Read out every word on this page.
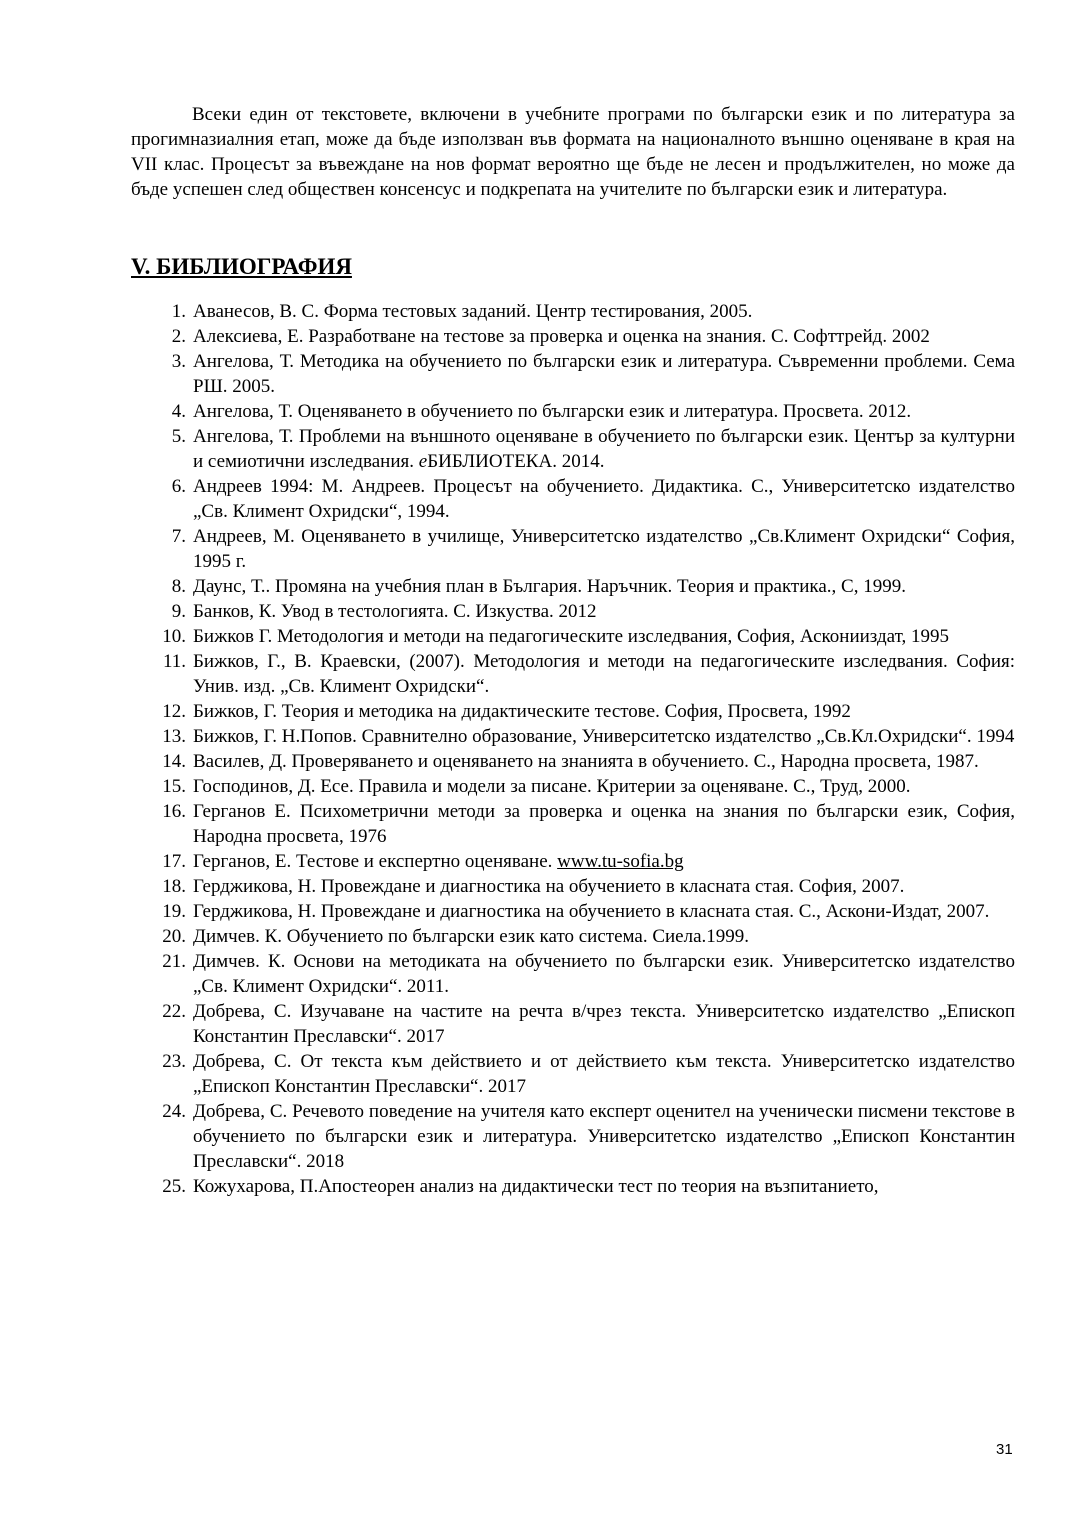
Всеки един от текстовете, включени в учебните програми по български език и по литература за прогимназиалния етап, може да бъде използван във формата на националното външно оценяване в края на VII клас. Процесът за въвеждане на нов формат вероятно ще бъде не лесен и продължителен, но може да бъде успешен след обществен консенсус и подкрепата на учителите по български език и литература.

V. БИБЛИОГРАФИЯ
1. Аванесов, В. С. Форма тестовых заданий. Центр тестирования, 2005.
2. Алексиева, Е. Разработване на тестове за проверка и оценка на знания. С. Софттрейд. 2002
3. Ангелова, Т. Методика на обучението по български език и литература. Съвременни проблеми. Сема РШ. 2005.
4. Ангелова, Т. Оценяването в обучението по български език и литература. Просвета. 2012.
5. Ангелова, Т. Проблеми на външното оценяване в обучението по български език. Център за културни и семиотични изследвания. еБИБЛИОТЕКА. 2014.
6. Андреев 1994: М. Андреев. Процесът на обучението. Дидактика. С., Университетско издателство „Св. Климент Охридски“, 1994.
7. Андреев, М. Оценяването в училище, Университетско издателство „Св.Климент Охридски“ София, 1995 г.
8. Даунс, Т.. Промяна на учебния план в България. Наръчник. Теория и практика., С, 1999.
9. Банков, К. Увод в тестологията. С. Изкуства. 2012
10. Бижков Г. Методология и методи на педагогическите изследвания, София, Асконииздат, 1995
11. Бижков, Г., В. Краевски, (2007). Методология и методи на педагогическите изследвания. София: Унив. изд. „Св. Климент Охридски“.
12. Бижков, Г. Теория и методика на дидактическите тестове. София, Просвета, 1992
13. Бижков, Г. Н.Попов. Сравнително образование, Университетско издателство „Св.Кл.Охридски“. 1994
14. Василев, Д. Проверяването и оценяването на знанията в обучението. С., Народна просвета, 1987.
15. Господинов, Д. Есе. Правила и модели за писане. Критерии за оценяване. С., Труд, 2000.
16. Герганов Е. Психометрични методи за проверка и оценка на знания по български език, София, Народна просвета, 1976
17. Герганов, Е. Тестове и експертно оценяване. www.tu-sofia.bg
18. Герджикова, Н. Провеждане и диагностика на обучението в класната стая. София, 2007.
19. Герджикова, Н. Провеждане и диагностика на обучението в класната стая. С., Аскони-Издат, 2007.
20. Димчев. К. Обучението по български език като система. Сиела.1999.
21. Димчев. К. Основи на методиката на обучението по български език. Университетско издателство „Св. Климент Охридски“. 2011.
22. Добрева, С. Изучаване на частите на речта в/чрез текста. Университетско издателство „Епископ Константин Преславски“. 2017
23. Добрева, С. От текста към действието и от действието към текста. Университетско издателство „Епископ Константин Преславски“. 2017
24. Добрева, С. Речевото поведение на учителя като експерт оценител на ученически писмени текстове в обучението по български език и литература. Университетско издателство „Епископ Константин Преславски“. 2018
25. Кожухарова, П.Апостеорен анализ на дидактически тест по теория на възпитанието,
31
